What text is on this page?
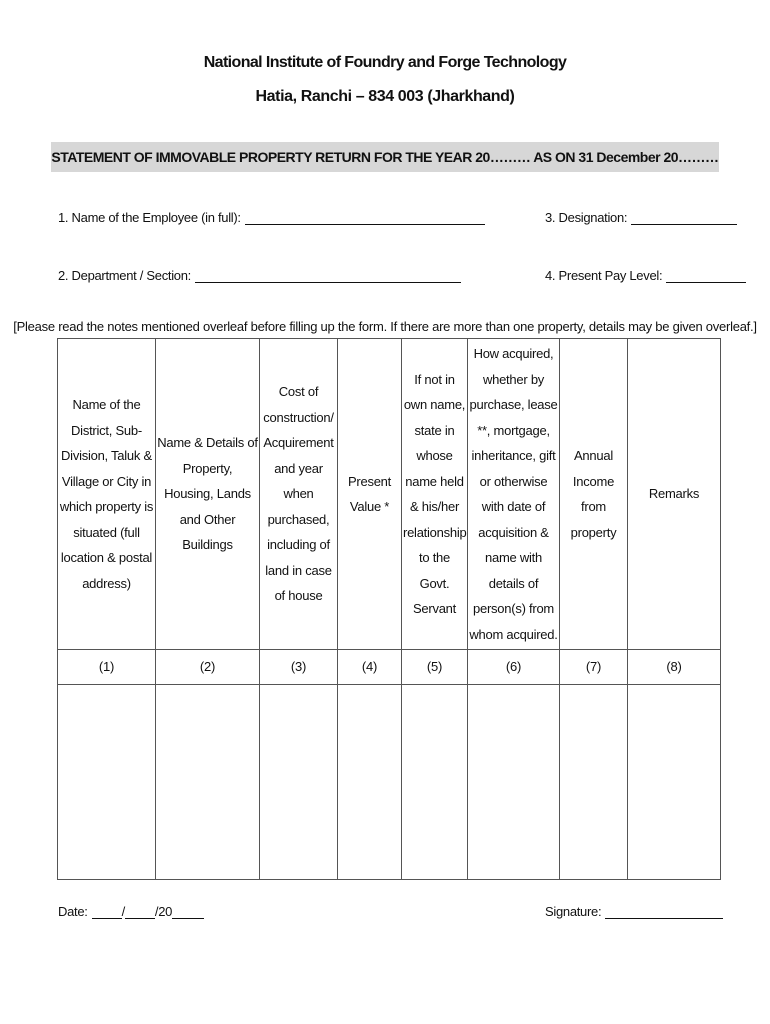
National Institute of Foundry and Forge Technology
Hatia, Ranchi – 834 003 (Jharkhand)
STATEMENT OF IMMOVABLE PROPERTY RETURN FOR THE YEAR 20……… AS ON 31 December 20………
1. Name of the Employee (in full):	3. Designation:
2. Department / Section:	4. Present Pay Level:
[Please read the notes mentioned overleaf before filling up the form. If there are more than one property, details may be given overleaf.]
Name of the District, Sub-Division, Taluk & Village or City in which property is situated (full location & postal address)	Name & Details of Property, Housing, Lands and Other Buildings	Cost of construction/ Acquirement and year when purchased, including of land in case of house	Present Value *	If not in own name, state in whose name held & his/her relationship to the Govt. Servant	How acquired, whether by purchase, lease **, mortgage, inheritance, gift or otherwise with date of acquisition & name with details of person(s) from whom acquired.	Annual Income from property	Remarks
(1)	(2)	(3)	(4)	(5)	(6)	(7)	(8)

Date:	/ /20	Signature:
